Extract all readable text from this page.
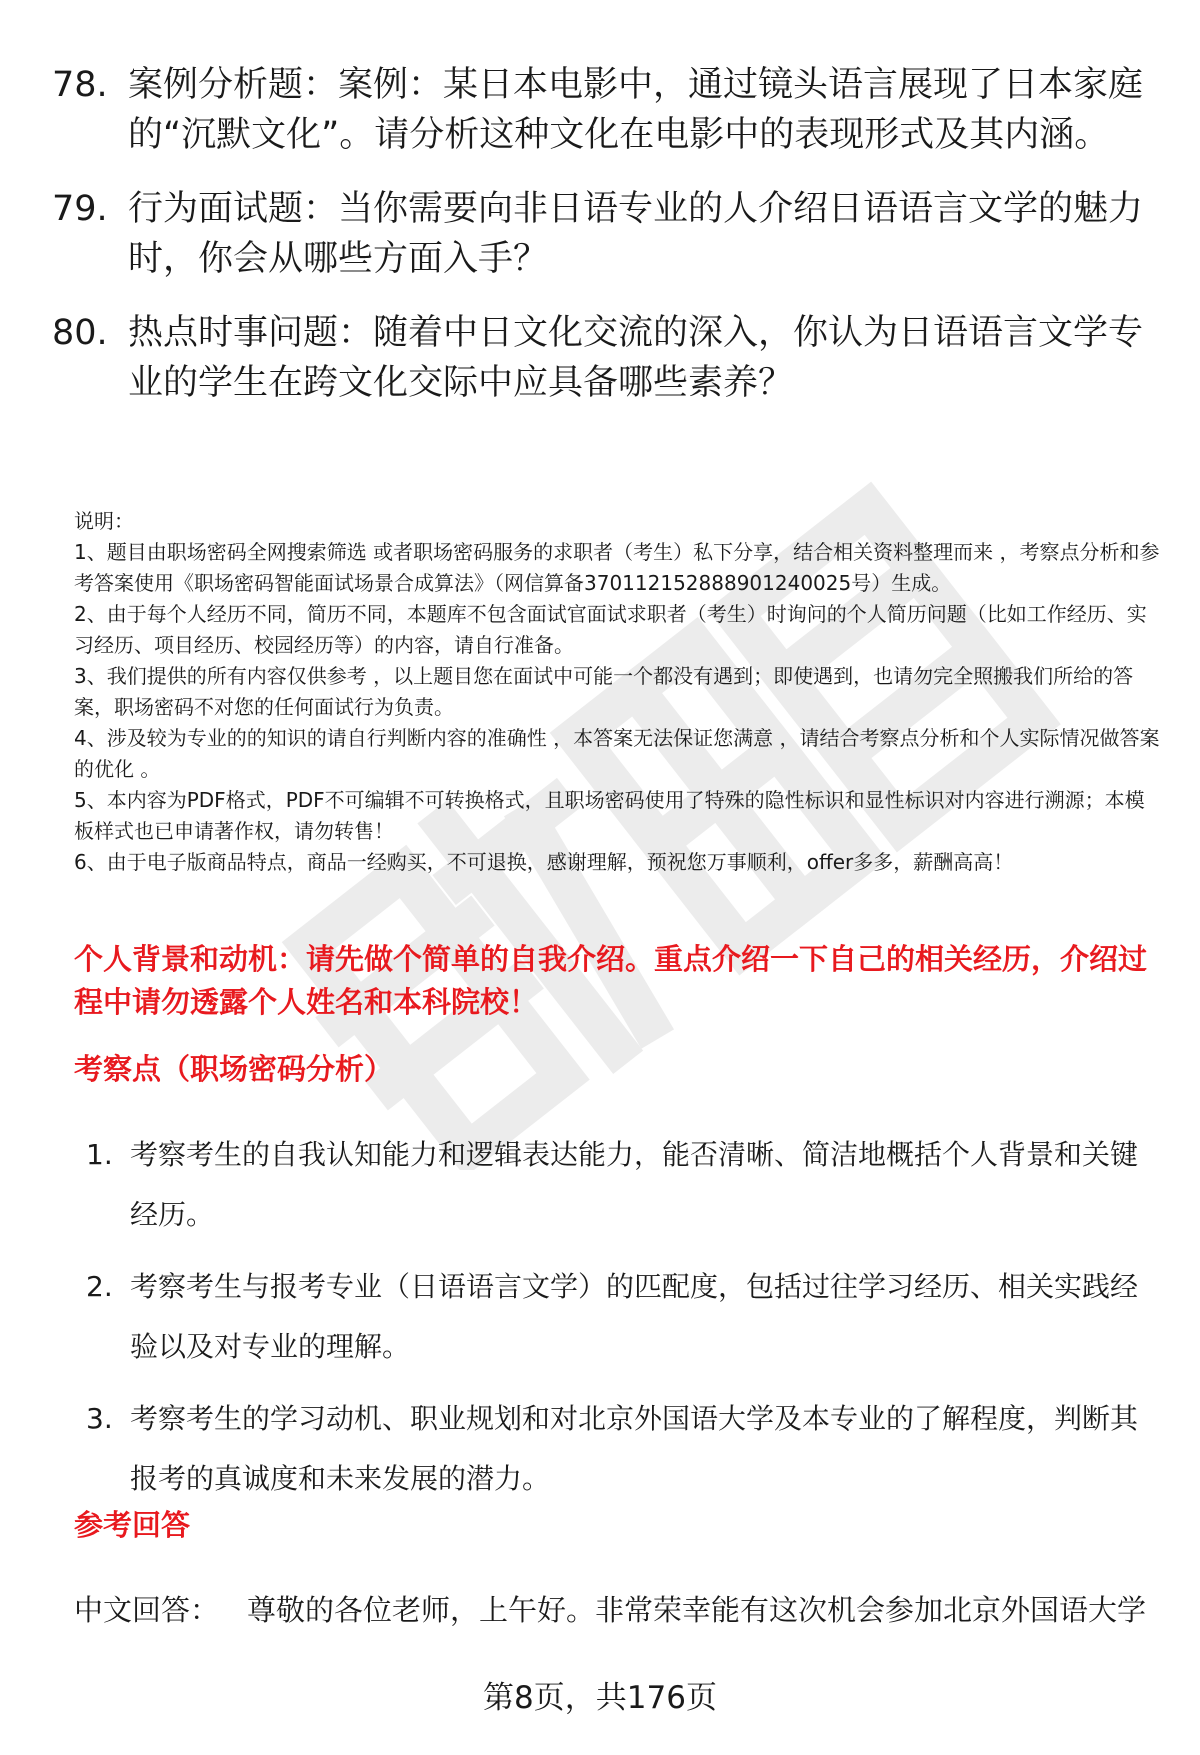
78. 案例分析题：案例：某日本电影中，通过镜头语言展现了日本家庭的“沉默文化”。请分析这种文化在电影中的表现形式及其内涵。
79. 行为面试题：当你需要向非日语专业的人介绍日语语言文学的魅力时，你会从哪些方面入手？
80. 热点时事问题：随着中日文化交流的深入，你认为日语语言文学专业的学生在跨文化交际中应具备哪些素养？

说明：

1、题目由职场密码全网搜索筛选 或者职场密码服务的求职者（考生）私下分享，结合相关资料整理而来 ，考察点分析和参考答案使用《职场密码智能面试场景合成算法》（网信算备370112152888901240025号）生成。

2、由于每个人经历不同，简历不同，本题库不包含面试官面试求职者（考生）时询问的个人简历问题（比如工作经历、实习经历、项目经历、校园经历等）的内容，请自行准备。

3、我们提供的所有内容仅供参考 ，以上题目您在面试中可能一个都没有遇到；即使遇到，也请勿完全照搬我们所给的答案，职场密码不对您的任何面试行为负责。

4、涉及较为专业的的知识的请自行判断内容的准确性 ，本答案无法保证您满意 ，请结合考察点分析和个人实际情况做答案的优化 。

5、本内容为PDF格式，PDF不可编辑不可转换格式，且职场密码使用了特殊的隐性标识和显性标识对内容进行溯源；本模板样式也已申请著作权，请勿转售！

6、由于电子版商品特点，商品一经购买，不可退换，感谢理解，预祝您万事顺利，offer多多，薪酬高高！

个人背景和动机：请先做个简单的自我介绍。重点介绍一下自己的相关经历，介绍过程中请勿透露个人姓名和本科院校！
考察点（职场密码分析）
1. 考察考生的自我认知能力和逻辑表达能力，能否清晰、简洁地概括个人背景和关键经历。
2. 考察考生与报考专业（日语语言文学）的匹配度，包括过往学习经历、相关实践经验以及对专业的理解。
3. 考察考生的学习动机、职业规划和对北京外国语大学及本专业的了解程度，判断其报考的真诚度和未来发展的潜力。
参考回答
中文回答： 尊敬的各位老师，上午好。非常荣幸能有这次机会参加北京外国语大学
第8页，共176页
